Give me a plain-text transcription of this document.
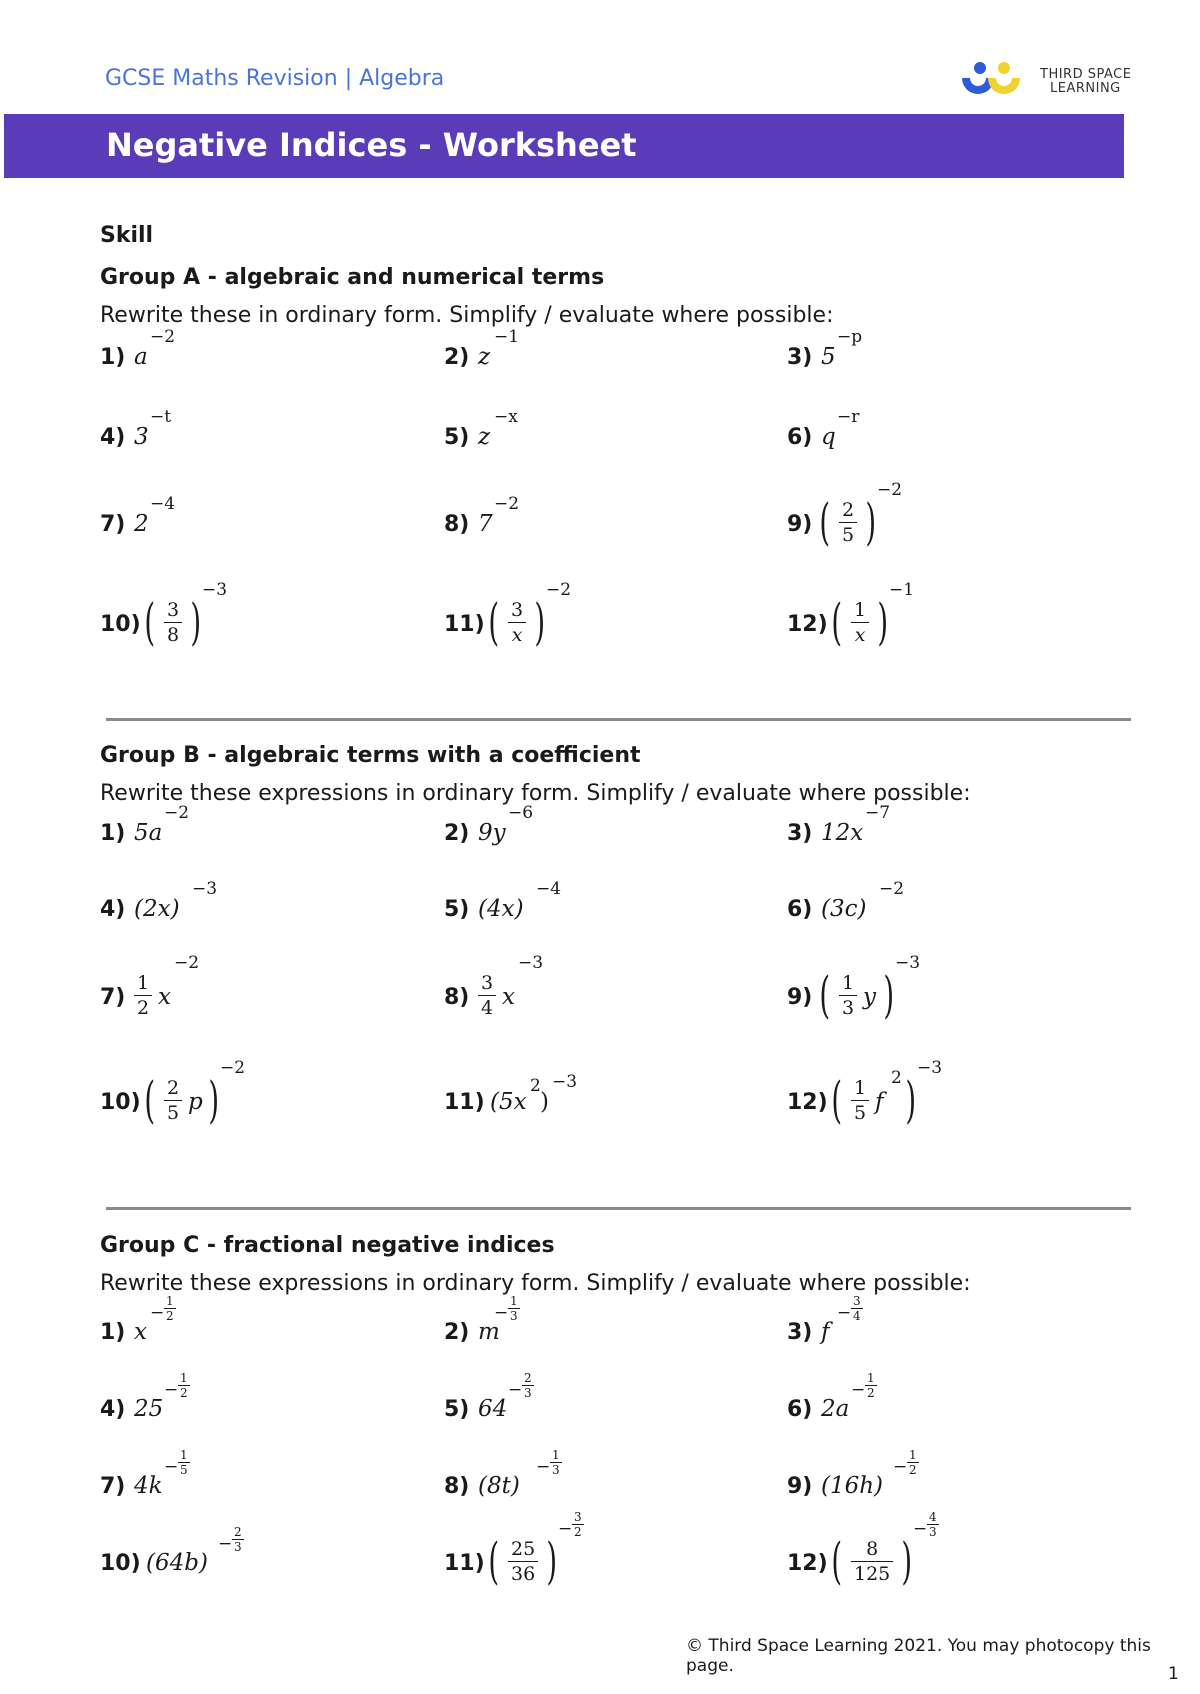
GCSE Maths Revision | Algebra	THIRD SPACE
LEARNING
Negative Indices - Worksheet
Skill
Group A - algebraic and numerical terms
Rewrite these in ordinary form. Simplify / evaluate where possible:
1) a
−2
2) z
−1
3) 5
−p
4) 3
−t
5) z
−x
6) q
−r
7) 2
−4
8) 7
−2
9) ( $\frac{2}{5}$ )
−2
10) ( $\frac{3}{8}$ )
−3
11) ( $\frac{3}{x}$ )
−2
12) ( $\frac{1}{x}$ )
−1
Group B - algebraic terms with a coefficient
Rewrite these expressions in ordinary form. Simplify / evaluate where possible:
1) 5a
−2
2) 9y
−6
3) 12x
−7
4) (2x)
−3
5) (4x)
−4
6) (3c)
−2
$7) \frac{1}{2}$ x
−2
$8) \frac{3}{4}$ x
−3
9) ( $\frac{1}{3}$ y )
−3
10) ( $\frac{2}{5}$ p )
−2
11) (5x
2
)
−3
12) ( $\frac{1}{5}$ f
2 )
−3
Group C - fractional negative indices
Rewrite these expressions in ordinary form. Simplify / evaluate where possible:
1) x
− $\frac{1}{2}$
2) m
− $\frac{1}{3}$
3) f
− $\frac{3}{4}$
4) 25
− $\frac{1}{2}$
5) 64
− $\frac{2}{3}$
6) 2a
− $\frac{1}{2}$
7) 4k
− $\frac{1}{5}$
8) (8t)
− $\frac{1}{3}$
9) (16h)
− $\frac{1}{2}$
10) (64b)
− $\frac{2}{3}$
11) ( $\frac{25}{36}$ )
− $\frac{3}{2}$
12) ( $\frac{8}{125}$ )
− $\frac{4}{3}$
© Third Space Learning 2021. You may photocopy this page.	1
